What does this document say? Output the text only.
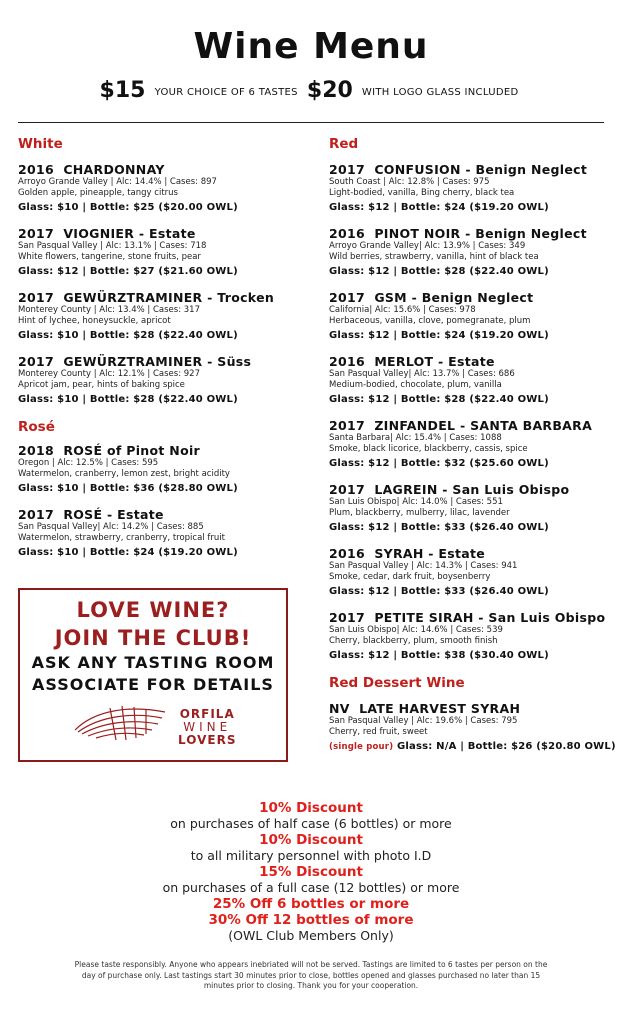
Wine Menu
$15 YOUR CHOICE OF 6 TASTES $20 WITH LOGO GLASS INCLUDED
White
2016 CHARDONNAY
Arroyo Grande Valley | Alc: 14.4% | Cases: 897
Golden apple, pineapple, tangy citrus
Glass: $10 | Bottle: $25 ($20.00 OWL)
2017 VIOGNIER - Estate
San Pasqual Valley | Alc: 13.1% | Cases: 718
White flowers, tangerine, stone fruits, pear
Glass: $12 | Bottle: $27 ($21.60 OWL)
2017 GEWÜRZTRAMINER - Trocken
Monterey County | Alc: 13.4% | Cases: 317
Hint of lychee, honeysuckle, apricot
Glass: $10 | Bottle: $28 ($22.40 OWL)
2017 GEWÜRZTRAMINER - Süss
Monterey County | Alc: 12.1% | Cases: 927
Apricot jam, pear, hints of baking spice
Glass: $10 | Bottle: $28 ($22.40 OWL)
Rosé
2018 ROSÉ of Pinot Noir
Oregon | Alc: 12.5% | Cases: 595
Watermelon, cranberry, lemon zest, bright acidity
Glass: $10 | Bottle: $36 ($28.80 OWL)
2017 ROSÉ - Estate
San Pasqual Valley| Alc: 14.2% | Cases: 885
Watermelon, strawberry, cranberry, tropical fruit
Glass: $10 | Bottle: $24 ($19.20 OWL)
LOVE WINE?
JOIN THE CLUB!
ASK ANY TASTING ROOM
ASSOCIATE FOR DETAILS
ORFILA
WINE
LOVERS
Red
2017 CONFUSION - Benign Neglect
South Coast | Alc: 12.8% | Cases: 975
Light-bodied, vanilla, Bing cherry, black tea
Glass: $12 | Bottle: $24 ($19.20 OWL)
2016 PINOT NOIR - Benign Neglect
Arroyo Grande Valley| Alc: 13.9% | Cases: 349
Wild berries, strawberry, vanilla, hint of black tea
Glass: $12 | Bottle: $28 ($22.40 OWL)
2017 GSM - Benign Neglect
California| Alc: 15.6% | Cases: 978
Herbaceous, vanilla, clove, pomegranate, plum
Glass: $12 | Bottle: $24 ($19.20 OWL)
2016 MERLOT - Estate
San Pasqual Valley| Alc: 13.7% | Cases: 686
Medium-bodied, chocolate, plum, vanilla
Glass: $12 | Bottle: $28 ($22.40 OWL)
2017 ZINFANDEL - SANTA BARBARA
Santa Barbara| Alc: 15.4% | Cases: 1088
Smoke, black licorice, blackberry, cassis, spice
Glass: $12 | Bottle: $32 ($25.60 OWL)
2017 LAGREIN - San Luis Obispo
San Luis Obispo| Alc: 14.0% | Cases: 551
Plum, blackberry, mulberry, lilac, lavender
Glass: $12 | Bottle: $33 ($26.40 OWL)
2016 SYRAH - Estate
San Pasqual Valley | Alc: 14.3% | Cases: 941
Smoke, cedar, dark fruit, boysenberry
Glass: $12 | Bottle: $33 ($26.40 OWL)
2017 PETITE SIRAH - San Luis Obispo
San Luis Obispo| Alc: 14.6% | Cases: 539
Cherry, blackberry, plum, smooth finish
Glass: $12 | Bottle: $38 ($30.40 OWL)
Red Dessert Wine
NV LATE HARVEST SYRAH
San Pasqual Valley | Alc: 19.6% | Cases: 795
Cherry, red fruit, sweet
(single pour) Glass: N/A | Bottle: $26 ($20.80 OWL)
10% Discount
on purchases of half case (6 bottles) or more
10% Discount
to all military personnel with photo I.D
15% Discount
on purchases of a full case (12 bottles) or more
25% Off 6 bottles or more
30% Off 12 bottles of more
(OWL Club Members Only)
Please taste responsibly. Anyone who appears inebriated will not be served. Tastings are limited to 6 tastes per person on the day of purchase only. Last tastings start 30 minutes prior to close, bottles opened and glasses purchased no later than 15 minutes prior to closing. Thank you for your cooperation.
